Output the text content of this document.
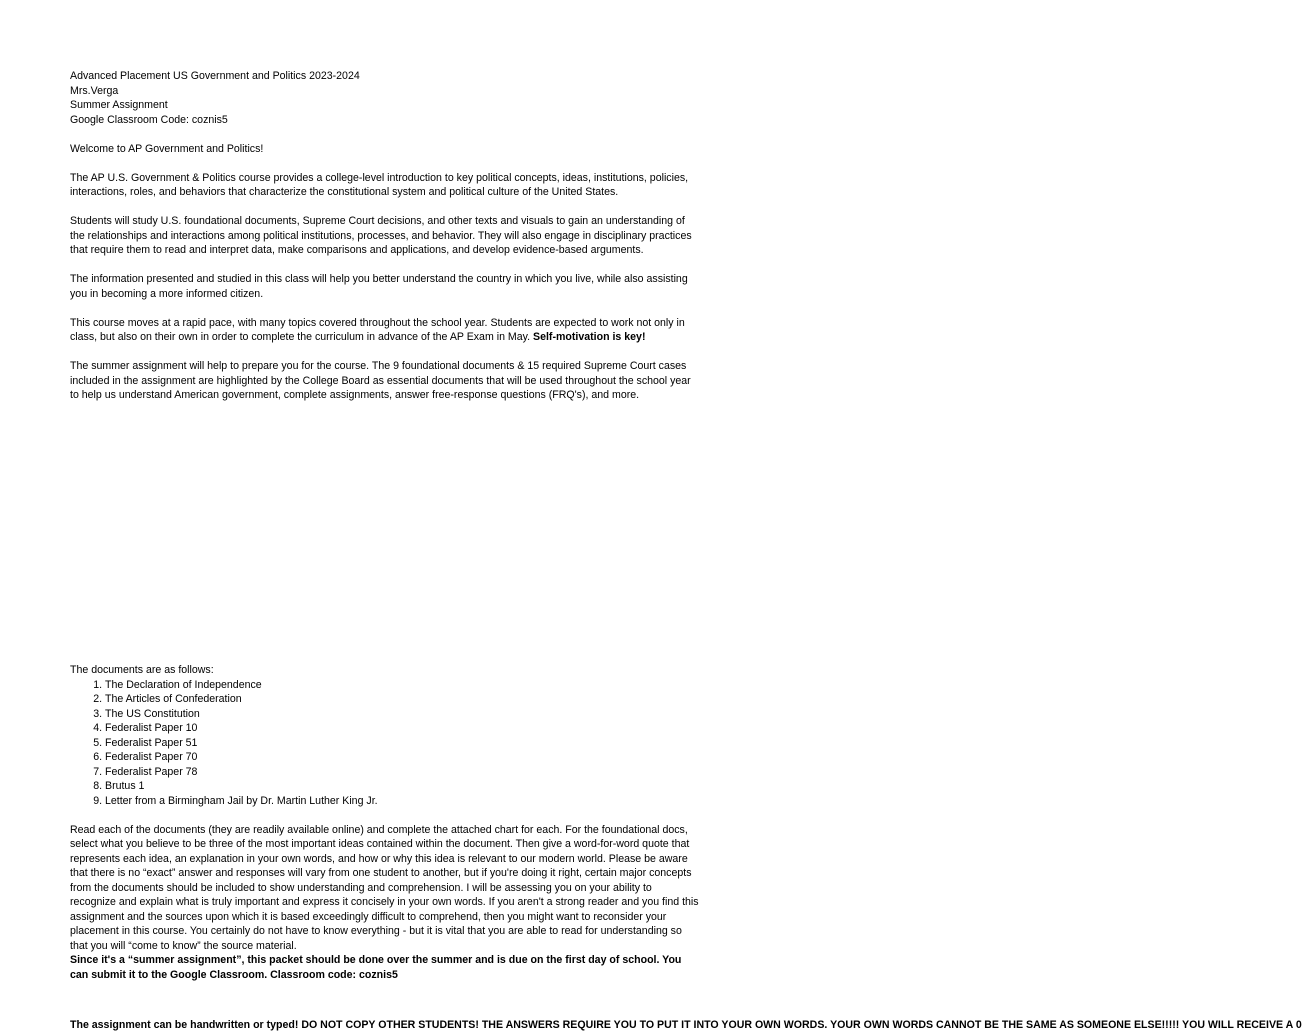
Advanced Placement US Government and Politics 2023-2024
Mrs.Verga
Summer Assignment
Google Classroom Code: coznis5

Welcome to AP Government and Politics!

The AP U.S. Government & Politics course provides a college-level introduction to key political concepts, ideas, institutions, policies, interactions, roles, and behaviors that characterize the constitutional system and political culture of the United States.

Students will study U.S. foundational documents, Supreme Court decisions, and other texts and visuals to gain an understanding of the relationships and interactions among political institutions, processes, and behavior. They will also engage in disciplinary practices that require them to read and interpret data, make comparisons and applications, and develop evidence-based arguments.

The information presented and studied in this class will help you better understand the country in which you live, while also assisting you in becoming a more informed citizen.

This course moves at a rapid pace, with many topics covered throughout the school year. Students are expected to work not only in class, but also on their own in order to complete the curriculum in advance of the AP Exam in May. Self-motivation is key!

The summer assignment will help to prepare you for the course. The 9 foundational documents & 15 required Supreme Court cases included in the assignment are highlighted by the College Board as essential documents that will be used throughout the school year to help us understand American government, complete assignments, answer free-response questions (FRQ's), and more.

The documents are as follows:
1. The Declaration of Independence
2. The Articles of Confederation
3. The US Constitution
4. Federalist Paper 10
5. Federalist Paper 51
6. Federalist Paper 70
7. Federalist Paper 78
8. Brutus 1
9. Letter from a Birmingham Jail by Dr. Martin Luther King Jr.

Read each of the documents (they are readily available online) and complete the attached chart for each. For the foundational docs, select what you believe to be three of the most important ideas contained within the document. Then give a word-for-word quote that represents each idea, an explanation in your own words, and how or why this idea is relevant to our modern world. Please be aware that there is no “exact” answer and responses will vary from one student to another, but if you're doing it right, certain major concepts from the documents should be included to show understanding and comprehension. I will be assessing you on your ability to recognize and explain what is truly important and express it concisely in your own words. If you aren't a strong reader and you find this assignment and the sources upon which it is based exceedingly difficult to comprehend, then you might want to reconsider your placement in this course. You certainly do not have to know everything - but it is vital that you are able to read for understanding so that you will “come to know” the source material.

Since it's a “summer assignment”, this packet should be done over the summer and is due on the first day of school. You can submit it to the Google Classroom. Classroom code: coznis5

The assignment can be handwritten or typed! DO NOT COPY OTHER STUDENTS! THE ANSWERS REQUIRE YOU TO PUT IT INTO YOUR OWN WORDS. YOUR OWN WORDS CANNOT BE THE SAME AS SOMEONE ELSE!!!!! YOU WILL RECEIVE A 0
